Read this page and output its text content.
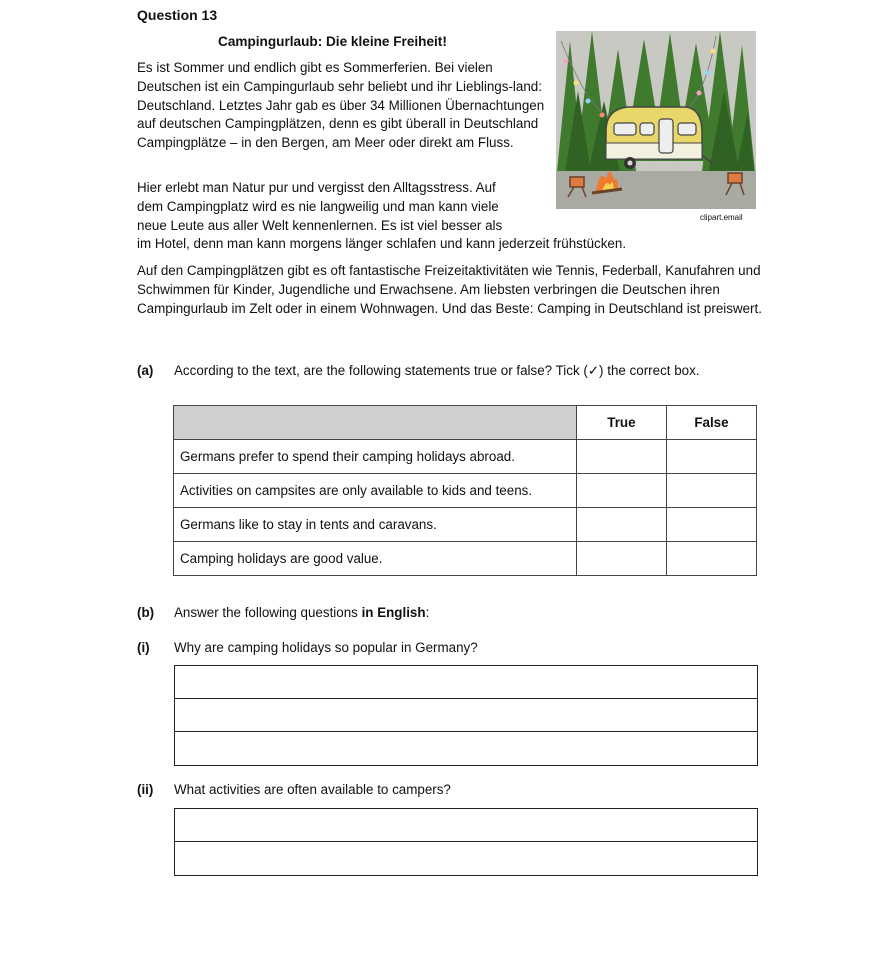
Question 13
Campingurlaub: Die kleine Freiheit!
Es ist Sommer und endlich gibt es Sommerferien. Bei vielen Deutschen ist ein Campingurlaub sehr beliebt und ihr Lieblings-land: Deutschland. Letztes Jahr gab es über 34 Millionen Übernachtungen auf deutschen Campingplätzen, denn es gibt überall in Deutschland Campingplätze – in den Bergen, am Meer oder direkt am Fluss.
clipart.email
Hier erlebt man Natur pur und vergisst den Alltagsstress. Auf
dem Campingplatz wird es nie langweilig und man kann viele
neue Leute aus aller Welt kennenlernen. Es ist viel besser als
im Hotel, denn man kann morgens länger schlafen und kann jederzeit frühstücken.
Auf den Campingplätzen gibt es oft fantastische Freizeitaktivitäten wie Tennis, Federball, Kanufahren und Schwimmen für Kinder, Jugendliche und Erwachsene. Am liebsten verbringen die Deutschen ihren Campingurlaub im Zelt oder in einem Wohnwagen. Und das Beste: Camping in Deutschland ist preiswert.
(a) According to the text, are the following statements true or false? Tick (✓) the correct box.
	True	False
Germans prefer to spend their camping holidays abroad.		
Activities on campsites are only available to kids and teens.		
Germans like to stay in tents and caravans.		
Camping holidays are good value.		
(b) Answer the following questions in English:
(i) Why are camping holidays so popular in Germany?
(ii) What activities are often available to campers?
